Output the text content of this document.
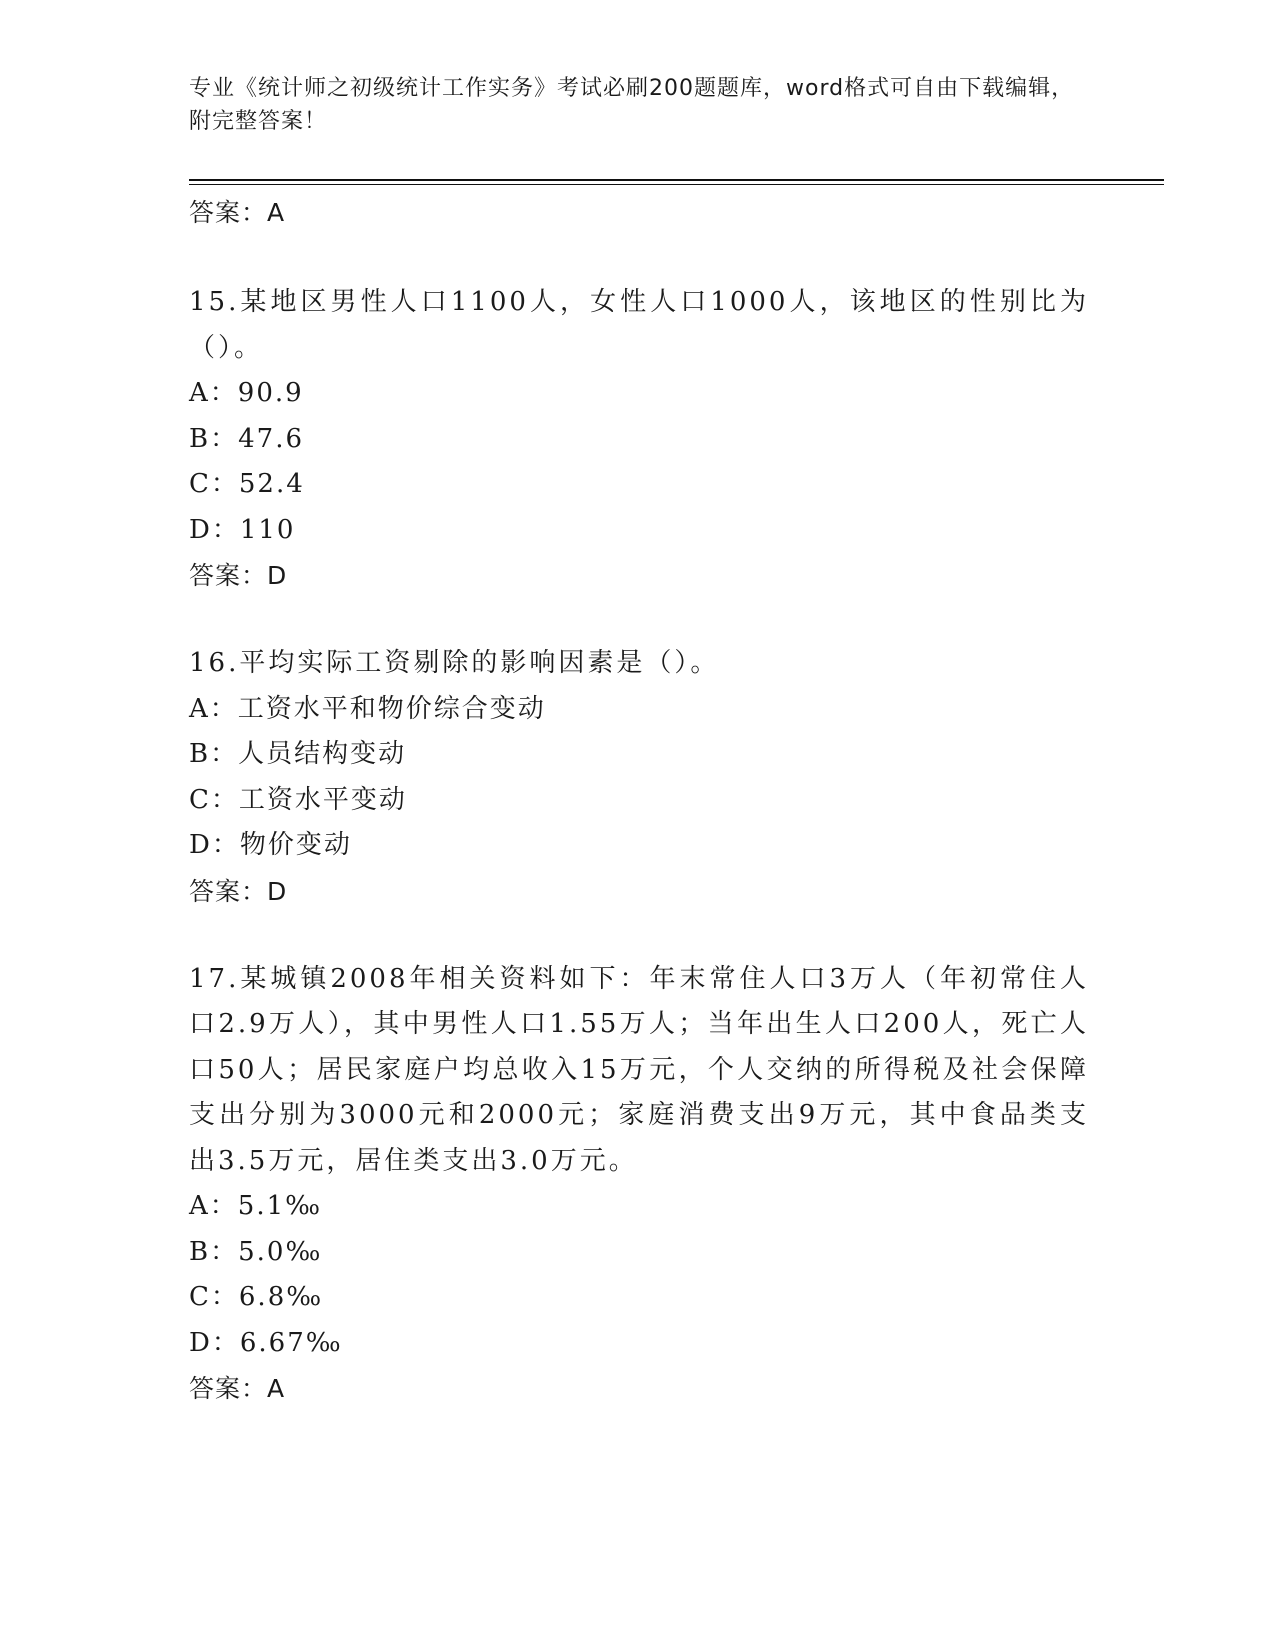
专业《统计师之初级统计工作实务》考试必刷200题题库，word格式可自由下载编辑，附完整答案！
答案：A
15.某地区男性人口1100人，女性人口1000人，该地区的性别比为（）。
A：90.9
B：47.6
C：52.4
D：110
答案：D
16.平均实际工资剔除的影响因素是（）。
A：工资水平和物价综合变动
B：人员结构变动
C：工资水平变动
D：物价变动
答案：D
17.某城镇2008年相关资料如下：年末常住人口3万人（年初常住人口2.9万人），其中男性人口1.55万人；当年出生人口200人，死亡人口50人；居民家庭户均总收入15万元，个人交纳的所得税及社会保障支出分别为3000元和2000元；家庭消费支出9万元，其中食品类支出3.5万元，居住类支出3.0万元。
A：5.1‰
B：5.0‰
C：6.8‰
D：6.67‰
答案：A
